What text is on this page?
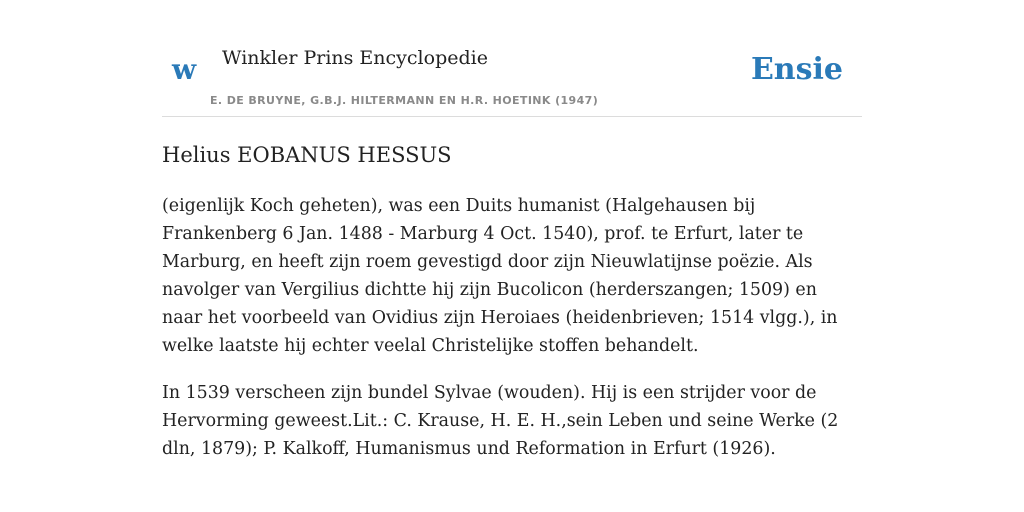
w Winkler Prins Encyclopedie
E. DE BRUYNE, G.B.J. HILTERMANN EN H.R. HOETINK (1947)
Ensie
Helius EOBANUS HESSUS

(eigenlijk Koch geheten), was een Duits humanist (Halgehausen bij Frankenberg 6 Jan. 1488 - Marburg 4 Oct. 1540), prof. te Erfurt, later te Marburg, en heeft zijn roem gevestigd door zijn Nieuwlatijnse poëzie. Als navolger van Vergilius dichtte hij zijn Bucolicon (herderszangen; 1509) en naar het voorbeeld van Ovidius zijn Heroiaes (heidenbrieven; 1514 vlgg.), in welke laatste hij echter veelal Christelijke stoffen behandelt.

In 1539 verscheen zijn bundel Sylvae (wouden). Hij is een strijder voor de Hervorming geweest.Lit.: C. Krause, H. E. H.,sein Leben und seine Werke (2 dln, 1879); P. Kalkoff, Humanismus und Reformation in Erfurt (1926).
